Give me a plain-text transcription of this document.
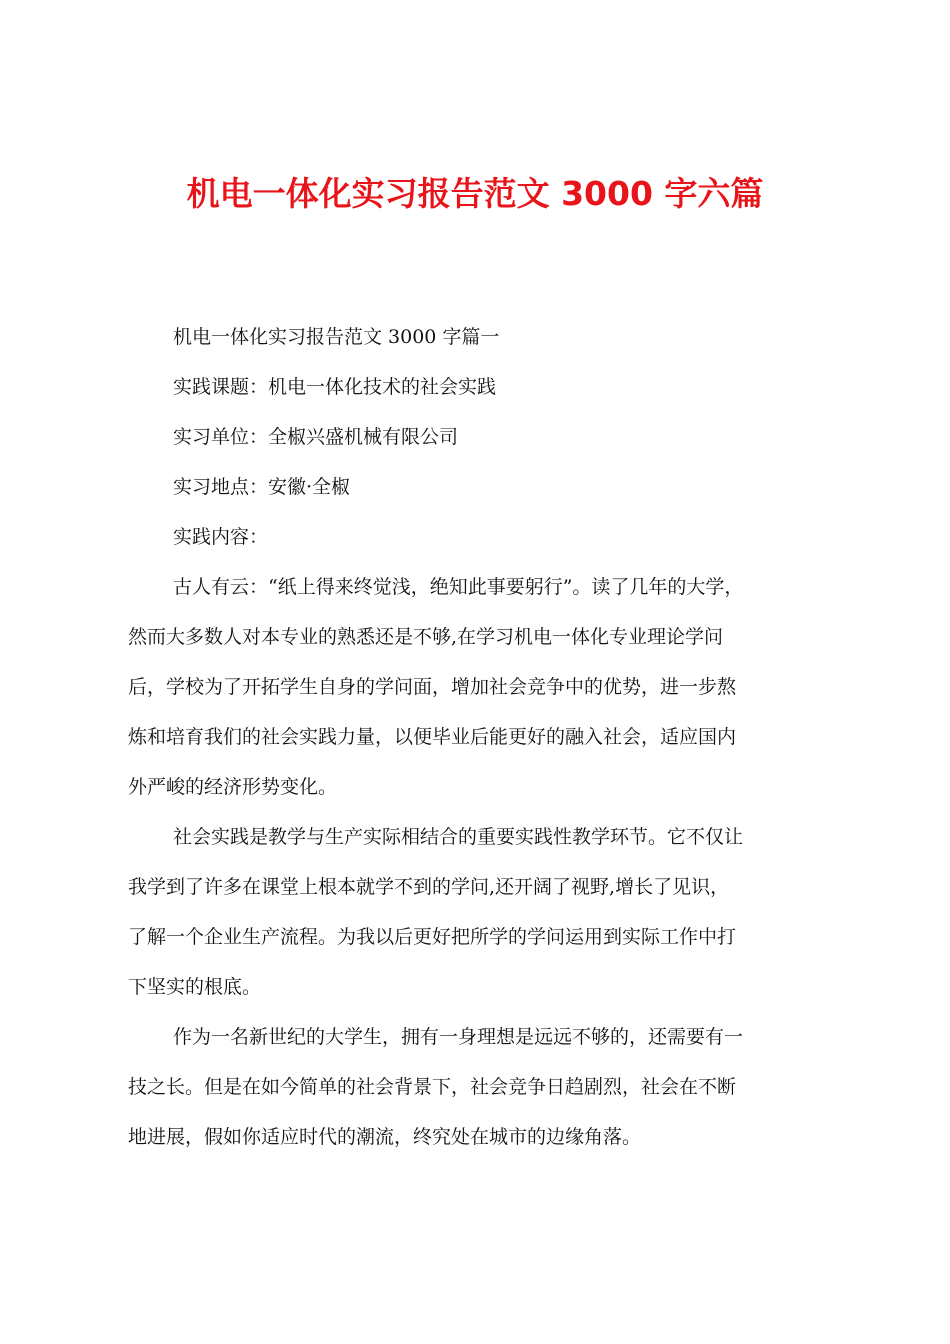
机电一体化实习报告范文 3000 字六篇

机电一体化实习报告范文 3000 字篇一

实践课题：机电一体化技术的社会实践

实习单位：全椒兴盛机械有限公司

实习地点：安徽·全椒

实践内容：

古人有云：“纸上得来终觉浅，绝知此事要躬行”。读了几年的大学，

然而大多数人对本专业的熟悉还是不够,在学习机电一体化专业理论学问

后，学校为了开拓学生自身的学问面，增加社会竞争中的优势，进一步熬

炼和培育我们的社会实践力量，以便毕业后能更好的融入社会，适应国内

外严峻的经济形势变化。

社会实践是教学与生产实际相结合的重要实践性教学环节。它不仅让

我学到了许多在课堂上根本就学不到的学问,还开阔了视野,增长了见识，

了解一个企业生产流程。为我以后更好把所学的学问运用到实际工作中打

下坚实的根底。

作为一名新世纪的大学生，拥有一身理想是远远不够的，还需要有一

技之长。但是在如今简单的社会背景下，社会竞争日趋剧烈，社会在不断

地进展，假如你适应时代的潮流，终究处在城市的边缘角落。
